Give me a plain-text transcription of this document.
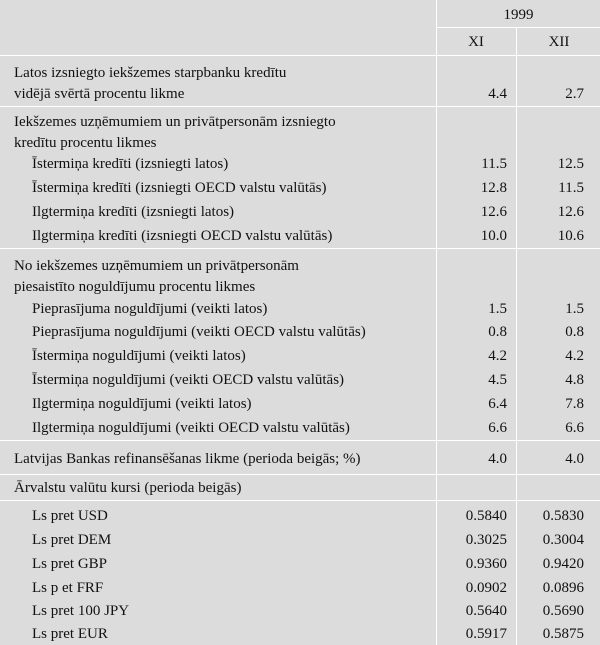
1999
XI	XII
Latos izsniegto iekšzemes starpbanku kredītu
vidējā svērtā procentu likme	4.4	2.7
Iekšzemes uzņēmumiem un privātpersonām izsniegto
kredītu procentu likmes
Īstermiņa kredīti (izsniegti latos)	11.5	12.5
Īstermiņa kredīti (izsniegti OECD valstu valūtās)	12.8	11.5
Ilgtermiņa kredīti (izsniegti latos)	12.6	12.6
Ilgtermiņa kredīti (izsniegti OECD valstu valūtās)	10.0	10.6
No iekšzemes uzņēmumiem un privātpersonām
piesaistīto noguldījumu procentu likmes
Pieprasījuma noguldījumi (veikti latos)	1.5	1.5
Pieprasījuma noguldījumi (veikti OECD valstu valūtās)	0.8	0.8
Īstermiņa noguldījumi (veikti latos)	4.2	4.2
Īstermiņa noguldījumi (veikti OECD valstu valūtās)	4.5	4.8
Ilgtermiņa noguldījumi (veikti latos)	6.4	7.8
Ilgtermiņa noguldījumi (veikti OECD valstu valūtās)	6.6	6.6
Latvijas Bankas refinansēšanas likme (perioda beigās; %)	4.0	4.0
Ārvalstu valūtu kursi (perioda beigās)
Ls pret USD	0.5840	0.5830
Ls pret DEM	0.3025	0.3004
Ls pret GBP	0.9360	0.9420
Ls p et FRF	0.0902	0.0896
Ls pret 100 JPY	0.5640	0.5690
Ls pret EUR	0.5917	0.5875
